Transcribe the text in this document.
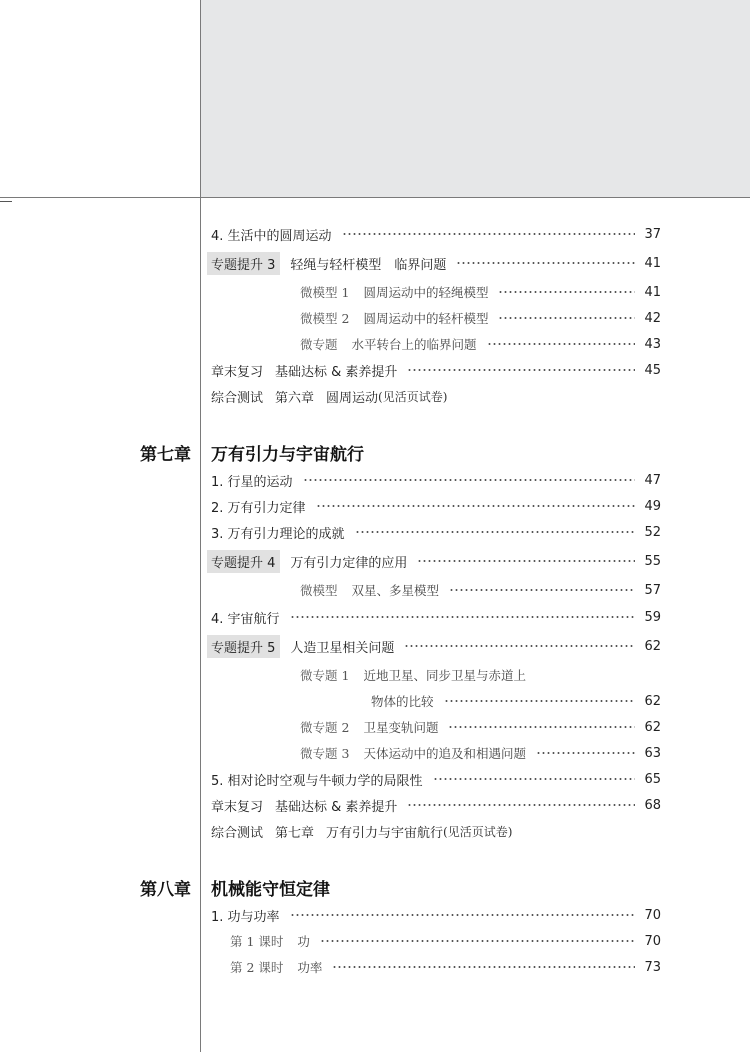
4. 生活中的圆周运动	37
专题提升 3	轻绳与轻杆模型　临界问题	41
微模型 1 圆周运动中的轻绳模型	41
微模型 2 圆周运动中的轻杆模型	42
微专题 水平转台上的临界问题	43
章末复习 基础达标 & 素养提升	45
综合测试 第六章 圆周运动 (见活页试卷)
第七章 万有引力与宇宙航行
1. 行星的运动	47
2. 万有引力定律	49
3. 万有引力理论的成就	52
专题提升 4	万有引力定律的应用	55
微模型 双星、多星模型	57
4. 宇宙航行	59
专题提升 5	人造卫星相关问题	62
微专题 1 近地卫星、同步卫星与赤道上
物体的比较	62
微专题 2 卫星变轨问题	62
微专题 3 天体运动中的追及和相遇问题	63
5. 相对论时空观与牛顿力学的局限性	65
章末复习 基础达标 & 素养提升	68
综合测试 第七章 万有引力与宇宙航行 (见活页试卷)
第八章 机械能守恒定律
1. 功与功率	70
第 1 课时 功	70
第 2 课时 功率	73
